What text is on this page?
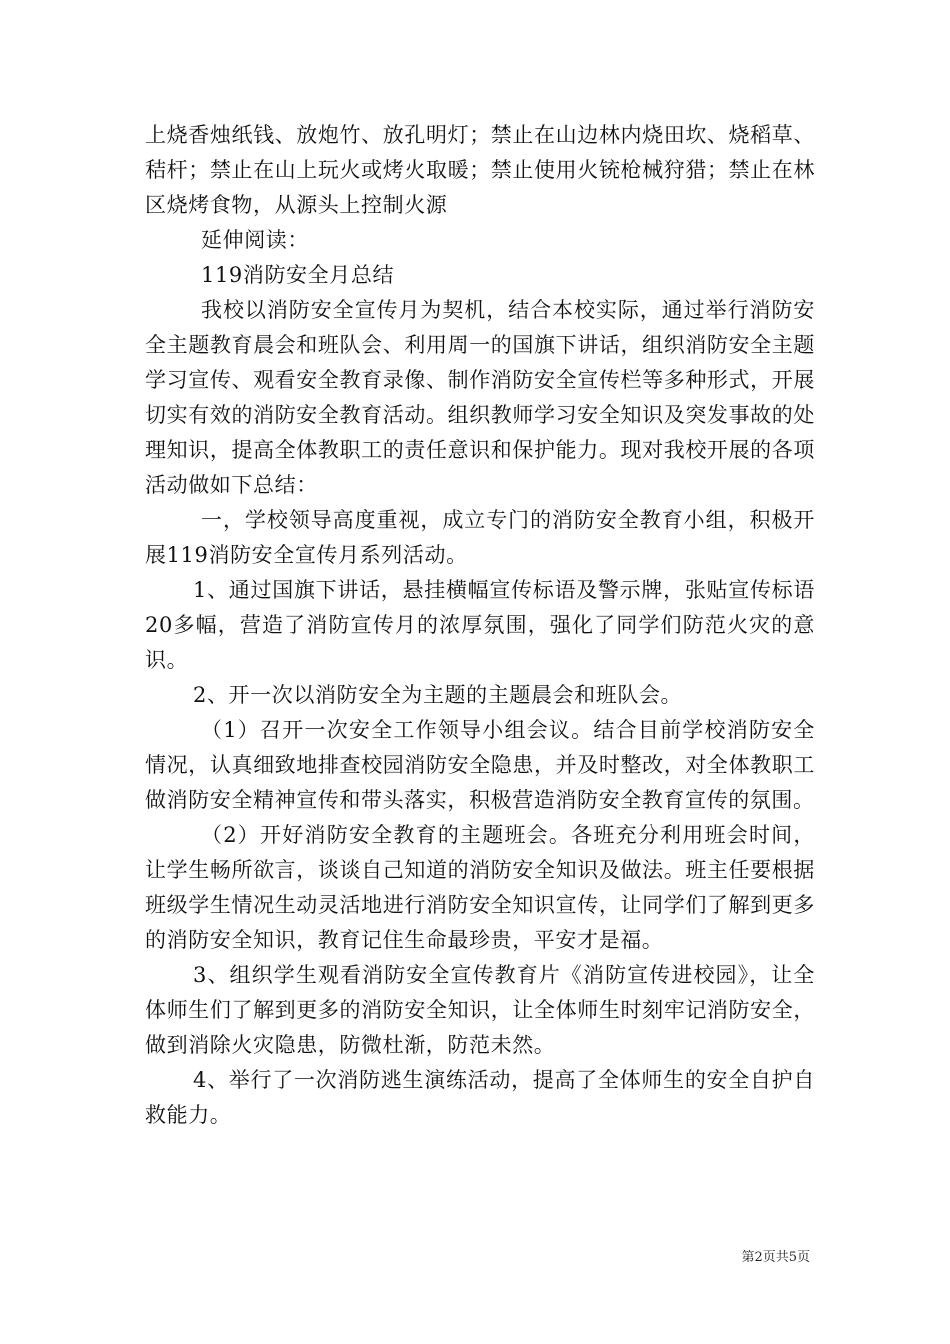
上烧香烛纸钱、放炮竹、放孔明灯；禁止在山边林内烧田坎、烧稻草、秸杆；禁止在山上玩火或烤火取暖；禁止使用火铳枪械狩猎；禁止在林区烧烤食物，从源头上控制火源

延伸阅读：

119消防安全月总结

我校以消防安全宣传月为契机，结合本校实际，通过举行消防安全主题教育晨会和班队会、利用周一的国旗下讲话，组织消防安全主题学习宣传、观看安全教育录像、制作消防安全宣传栏等多种形式，开展切实有效的消防安全教育活动。组织教师学习安全知识及突发事故的处理知识，提高全体教职工的责任意识和保护能力。现对我校开展的各项活动做如下总结：

一，学校领导高度重视，成立专门的消防安全教育小组，积极开展119消防安全宣传月系列活动。

1、通过国旗下讲话，悬挂横幅宣传标语及警示牌，张贴宣传标语20多幅，营造了消防宣传月的浓厚氛围，强化了同学们防范火灾的意识。

2、开一次以消防安全为主题的主题晨会和班队会。

（1）召开一次安全工作领导小组会议。结合目前学校消防安全情况，认真细致地排查校园消防安全隐患，并及时整改，对全体教职工做消防安全精神宣传和带头落实，积极营造消防安全教育宣传的氛围。

（2）开好消防安全教育的主题班会。各班充分利用班会时间，让学生畅所欲言，谈谈自己知道的消防安全知识及做法。班主任要根据班级学生情况生动灵活地进行消防安全知识宣传，让同学们了解到更多的消防安全知识，教育记住生命最珍贵，平安才是福。

3、组织学生观看消防安全宣传教育片《消防宣传进校园》，让全体师生们了解到更多的消防安全知识，让全体师生时刻牢记消防安全，做到消除火灾隐患，防微杜渐，防范未然。

4、举行了一次消防逃生演练活动，提高了全体师生的安全自护自救能力。

第2页共5页
